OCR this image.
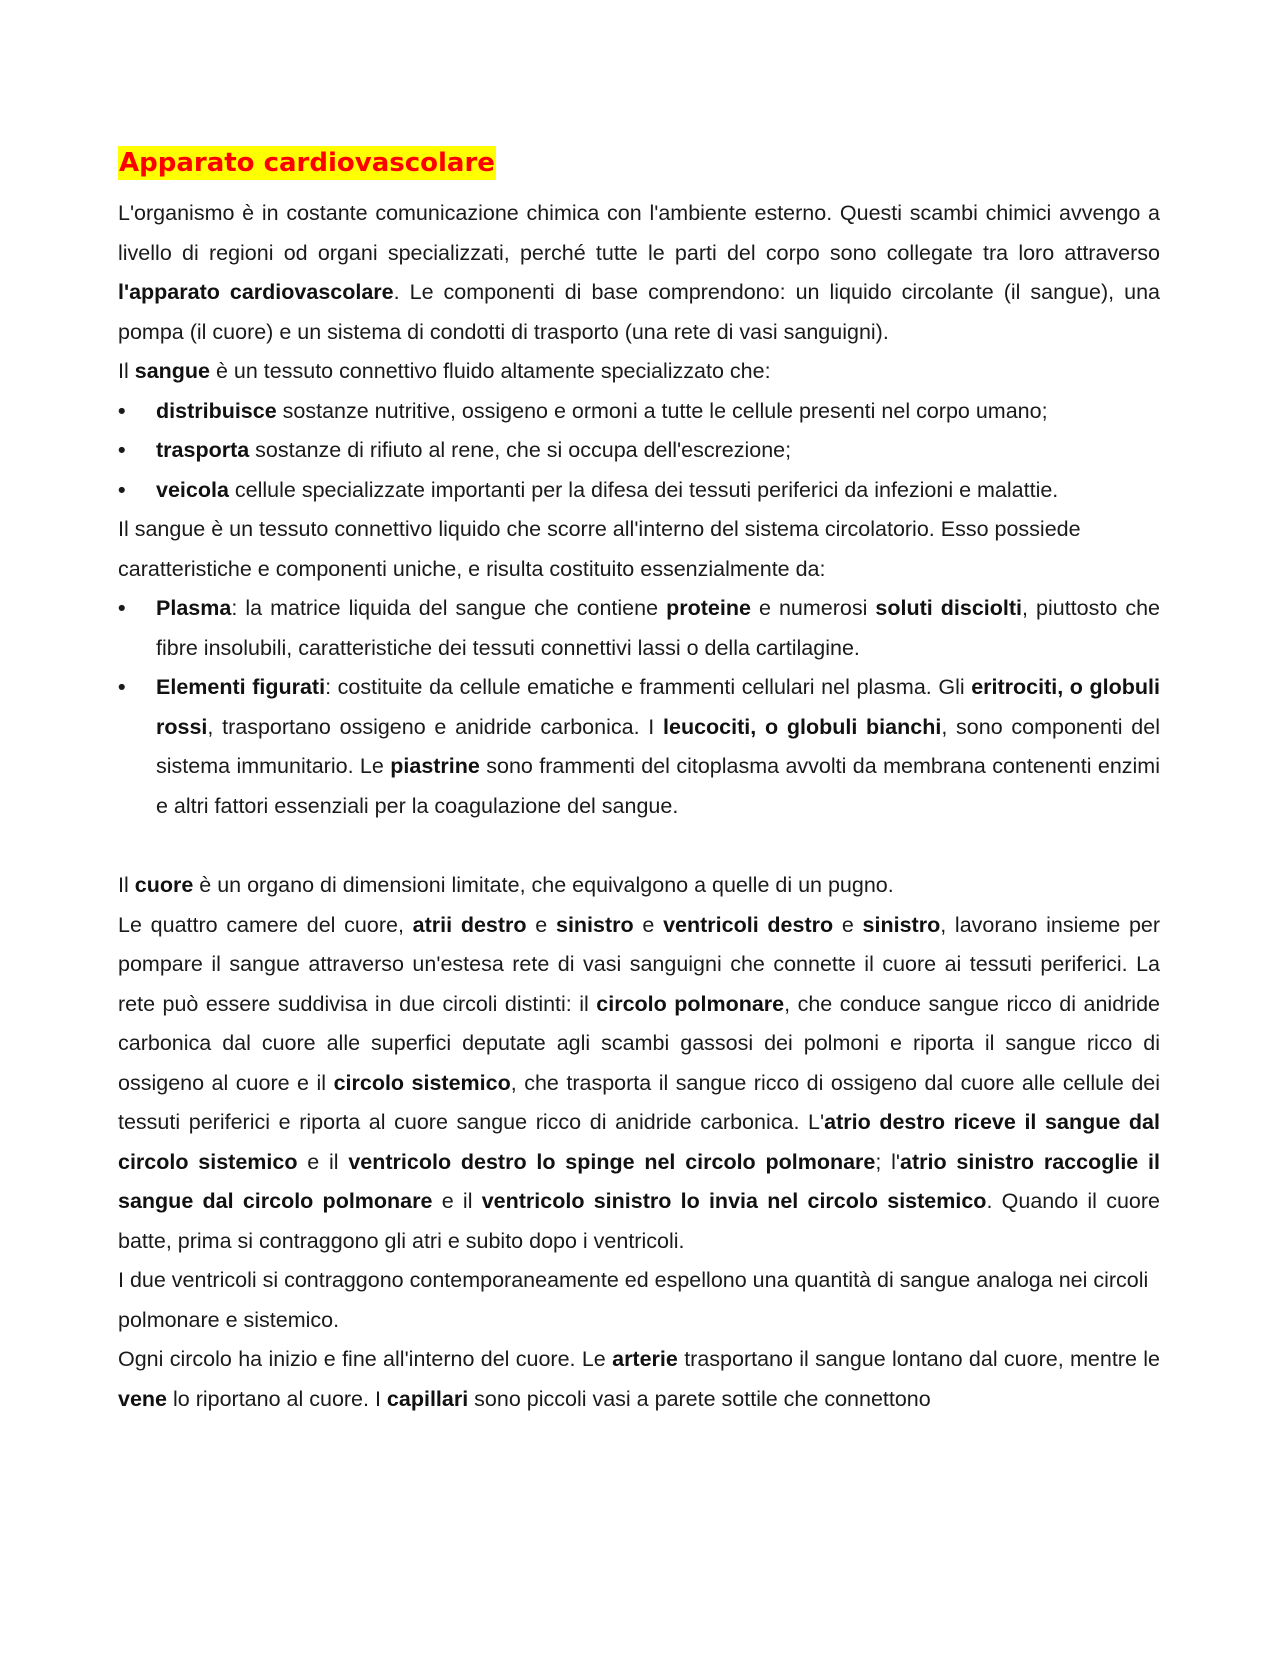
Apparato cardiovascolare

L'organismo è in costante comunicazione chimica con l'ambiente esterno. Questi scambi chimici avvengo a livello di regioni od organi specializzati, perché tutte le parti del corpo sono collegate tra loro attraverso l'apparato cardiovascolare. Le componenti di base comprendono: un liquido circolante (il sangue), una pompa (il cuore) e un sistema di condotti di trasporto (una rete di vasi sanguigni).

Il sangue è un tessuto connettivo fluido altamente specializzato che:

•	distribuisce sostanze nutritive, ossigeno e ormoni a tutte le cellule presenti nel corpo umano;
•	trasporta sostanze di rifiuto al rene, che si occupa dell'escrezione;
•	veicola cellule specializzate importanti per la difesa dei tessuti periferici da infezioni e malattie.

Il sangue è un tessuto connettivo liquido che scorre all'interno del sistema circolatorio. Esso possiede caratteristiche e componenti uniche, e risulta costituito essenzialmente da:

•	Plasma: la matrice liquida del sangue che contiene proteine e numerosi soluti disciolti, piuttosto che fibre insolubili, caratteristiche dei tessuti connettivi lassi o della cartilagine.
•	Elementi figurati: costituite da cellule ematiche e frammenti cellulari nel plasma. Gli eritrociti, o globuli rossi, trasportano ossigeno e anidride carbonica. I leucociti, o globuli bianchi, sono componenti del sistema immunitario. Le piastrine sono frammenti del citoplasma avvolti da membrana contenenti enzimi e altri fattori essenziali per la coagulazione del sangue.

Il cuore è un organo di dimensioni limitate, che equivalgono a quelle di un pugno.

Le quattro camere del cuore, atrii destro e sinistro e ventricoli destro e sinistro, lavorano insieme per pompare il sangue attraverso un'estesa rete di vasi sanguigni che connette il cuore ai tessuti periferici. La rete può essere suddivisa in due circoli distinti: il circolo polmonare, che conduce sangue ricco di anidride carbonica dal cuore alle superfici deputate agli scambi gassosi dei polmoni e riporta il sangue ricco di ossigeno al cuore e il circolo sistemico, che trasporta il sangue ricco di ossigeno dal cuore alle cellule dei tessuti periferici e riporta al cuore sangue ricco di anidride carbonica. L'atrio destro riceve il sangue dal circolo sistemico e il ventricolo destro lo spinge nel circolo polmonare; l'atrio sinistro raccoglie il sangue dal circolo polmonare e il ventricolo sinistro lo invia nel circolo sistemico. Quando il cuore batte, prima si contraggono gli atri e subito dopo i ventricoli.

I due ventricoli si contraggono contemporaneamente ed espellono una quantità di sangue analoga nei circoli polmonare e sistemico.

Ogni circolo ha inizio e fine all'interno del cuore. Le arterie trasportano il sangue lontano dal cuore, mentre le vene lo riportano al cuore. I capillari sono piccoli vasi a parete sottile che connettono
